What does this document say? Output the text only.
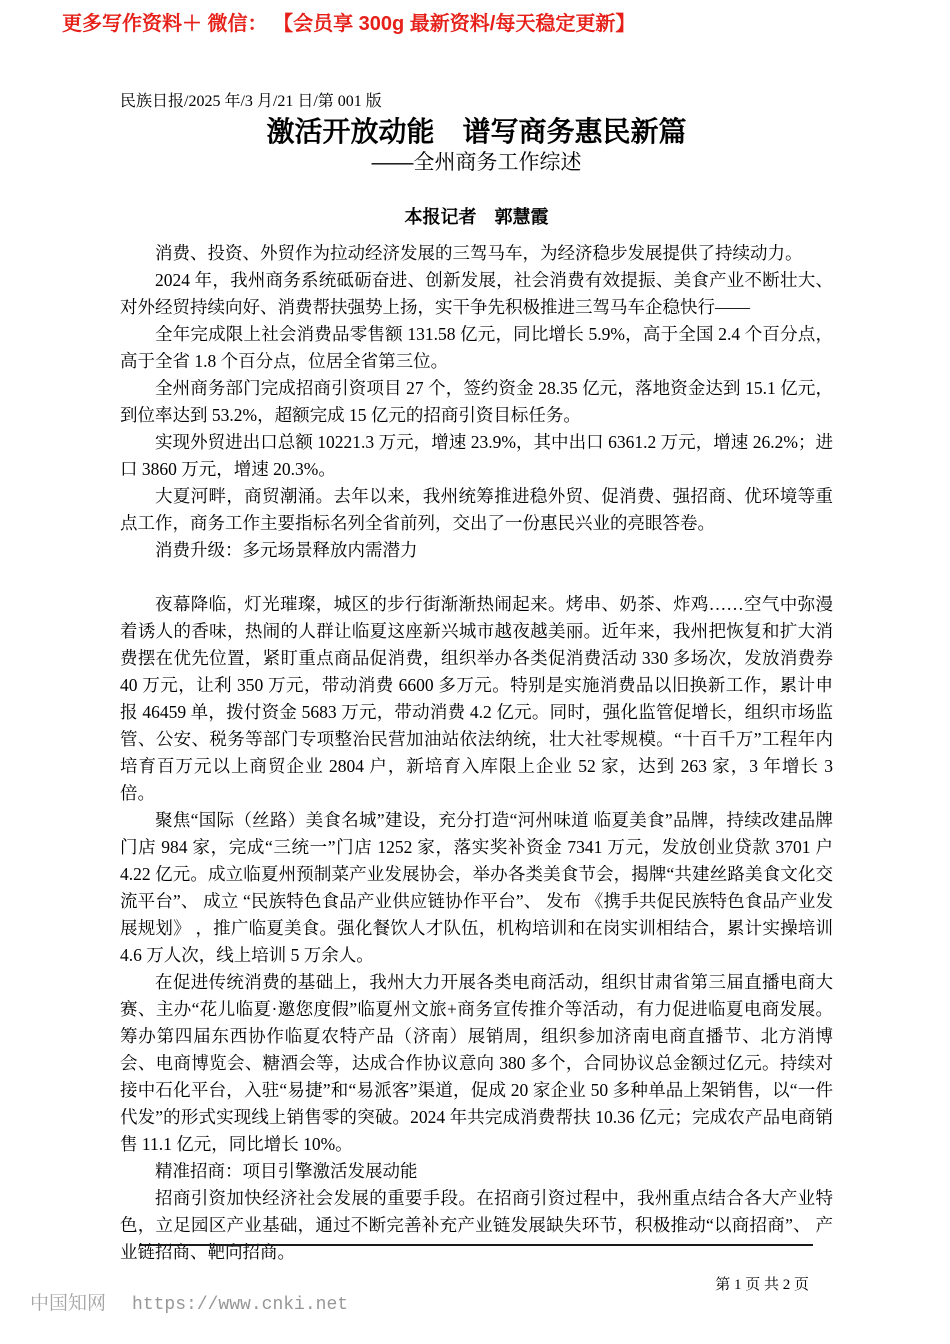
更多写作资料＋ 微信： 【会员享 300g 最新资料/每天稳定更新】
民族日报/2025 年/3 月/21 日/第 001 版
激活开放动能　谱写商务惠民新篇
——全州商务工作综述
本报记者　郭慧霞

消费、投资、外贸作为拉动经济发展的三驾马车，为经济稳步发展提供了持续动力。

2024 年，我州商务系统砥砺奋进、创新发展，社会消费有效提振、美食产业不断壮大、对外经贸持续向好、消费帮扶强势上扬，实干争先积极推进三驾马车企稳快行——

全年完成限上社会消费品零售额 131.58 亿元，同比增长 5.9%，高于全国 2.4 个百分点，高于全省 1.8 个百分点，位居全省第三位。

全州商务部门完成招商引资项目 27 个，签约资金 28.35 亿元，落地资金达到 15.1 亿元，到位率达到 53.2%，超额完成 15 亿元的招商引资目标任务。

实现外贸进出口总额 10221.3 万元，增速 23.9%，其中出口 6361.2 万元，增速 26.2%；进口 3860 万元，增速 20.3%。

大夏河畔，商贸潮涌。去年以来，我州统筹推进稳外贸、促消费、强招商、优环境等重点工作，商务工作主要指标名列全省前列，交出了一份惠民兴业的亮眼答卷。

消费升级：多元场景释放内需潜力

夜幕降临，灯光璀璨，城区的步行街渐渐热闹起来。烤串、奶茶、炸鸡……空气中弥漫着诱人的香味，热闹的人群让临夏这座新兴城市越夜越美丽。近年来，我州把恢复和扩大消费摆在优先位置，紧盯重点商品促消费，组织举办各类促消费活动 330 多场次，发放消费券 40 万元，让利 350 万元，带动消费 6600 多万元。特别是实施消费品以旧换新工作，累计申报 46459 单，拨付资金 5683 万元，带动消费 4.2 亿元。同时，强化监管促增长，组织市场监管、公安、税务等部门专项整治民营加油站依法纳统，壮大社零规模。“十百千万”工程年内培育百万元以上商贸企业 2804 户，新培育入库限上企业 52 家，达到 263 家，3 年增长 3 倍。

聚焦“国际（丝路）美食名城”建设，充分打造“河州味道 临夏美食”品牌，持续改建品牌门店 984 家，完成“三统一”门店 1252 家，落实奖补资金 7341 万元，发放创业贷款 3701 户 4.22 亿元。成立临夏州预制菜产业发展协会，举办各类美食节会，揭牌“共建丝路美食文化交流平台”、 成立 “民族特色食品产业供应链协作平台”、 发布 《携手共促民族特色食品产业发展规划》 ，推广临夏美食。强化餐饮人才队伍，机构培训和在岗实训相结合，累计实操培训 4.6 万人次，线上培训 5 万余人。

在促进传统消费的基础上，我州大力开展各类电商活动，组织甘肃省第三届直播电商大赛、主办“花儿临夏·邀您度假”临夏州文旅+商务宣传推介等活动，有力促进临夏电商发展。筹办第四届东西协作临夏农特产品（济南）展销周，组织参加济南电商直播节、北方消博会、电商博览会、糖酒会等，达成合作协议意向 380 多个，合同协议总金额过亿元。持续对接中石化平台，入驻“易捷”和“易派客”渠道，促成 20 家企业 50 多种单品上架销售，以“一件代发”的形式实现线上销售零的突破。2024 年共完成消费帮扶 10.36 亿元；完成农产品电商销售 11.1 亿元，同比增长 10%。

精准招商：项目引擎激活发展动能

招商引资加快经济社会发展的重要手段。在招商引资过程中，我州重点结合各大产业特色，立足园区产业基础，通过不断完善补充产业链发展缺失环节，积极推动“以商招商”、 产业链招商、靶向招商。

第 1 页 共 2 页
中国知网 https://www.cnki.net
